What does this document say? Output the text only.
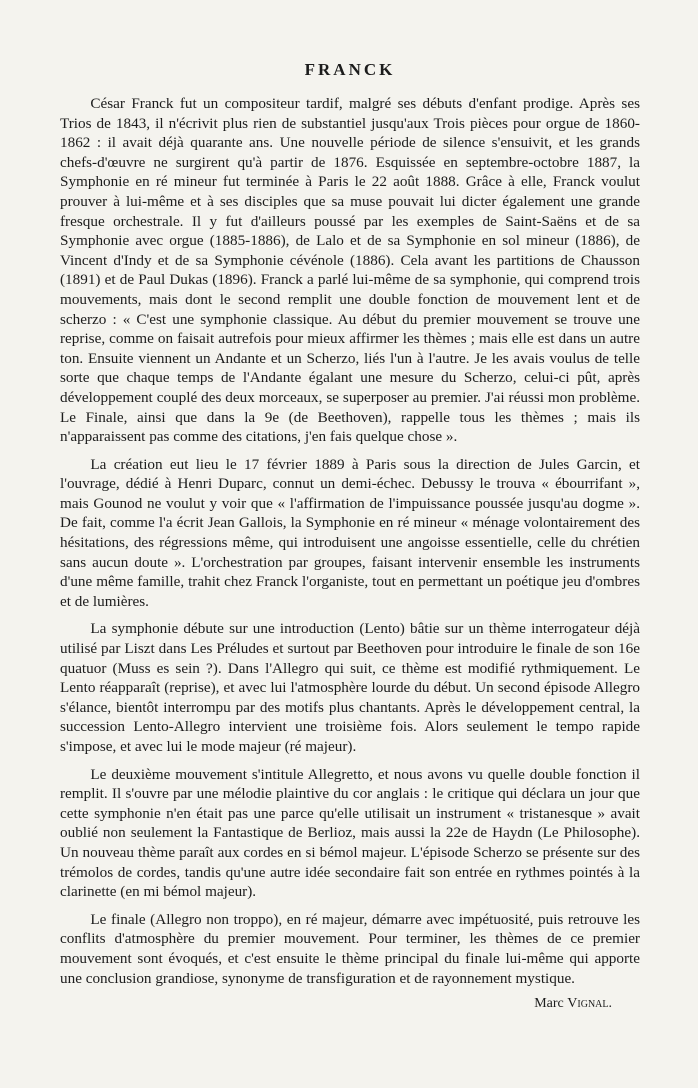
FRANCK

César Franck fut un compositeur tardif, malgré ses débuts d'enfant prodige. Après ses Trios de 1843, il n'écrivit plus rien de substantiel jusqu'aux Trois pièces pour orgue de 1860-1862 : il avait déjà quarante ans. Une nouvelle période de silence s'ensuivit, et les grands chefs-d'œuvre ne surgirent qu'à partir de 1876. Esquissée en septembre-octobre 1887, la Symphonie en ré mineur fut terminée à Paris le 22 août 1888. Grâce à elle, Franck voulut prouver à lui-même et à ses disciples que sa muse pouvait lui dicter également une grande fresque orchestrale. Il y fut d'ailleurs poussé par les exemples de Saint-Saëns et de sa Symphonie avec orgue (1885-1886), de Lalo et de sa Symphonie en sol mineur (1886), de Vincent d'Indy et de sa Symphonie cévénole (1886). Cela avant les partitions de Chausson (1891) et de Paul Dukas (1896). Franck a parlé lui-même de sa symphonie, qui comprend trois mouvements, mais dont le second remplit une double fonction de mouvement lent et de scherzo : « C'est une symphonie classique. Au début du premier mouvement se trouve une reprise, comme on faisait autrefois pour mieux affirmer les thèmes ; mais elle est dans un autre ton. Ensuite viennent un Andante et un Scherzo, liés l'un à l'autre. Je les avais voulus de telle sorte que chaque temps de l'Andante égalant une mesure du Scherzo, celui-ci pût, après développement couplé des deux morceaux, se superposer au premier. J'ai réussi mon problème. Le Finale, ainsi que dans la 9e (de Beethoven), rappelle tous les thèmes ; mais ils n'apparaissent pas comme des citations, j'en fais quelque chose ».

La création eut lieu le 17 février 1889 à Paris sous la direction de Jules Garcin, et l'ouvrage, dédié à Henri Duparc, connut un demi-échec. Debussy le trouva « ébourrifant », mais Gounod ne voulut y voir que « l'affirmation de l'impuissance poussée jusqu'au dogme ». De fait, comme l'a écrit Jean Gallois, la Symphonie en ré mineur « ménage volontairement des hésitations, des régressions même, qui introduisent une angoisse essentielle, celle du chrétien sans aucun doute ». L'orchestration par groupes, faisant intervenir ensemble les instruments d'une même famille, trahit chez Franck l'organiste, tout en permettant un poétique jeu d'ombres et de lumières.

La symphonie débute sur une introduction (Lento) bâtie sur un thème interrogateur déjà utilisé par Liszt dans Les Préludes et surtout par Beethoven pour introduire le finale de son 16e quatuor (Muss es sein ?). Dans l'Allegro qui suit, ce thème est modifié rythmiquement. Le Lento réapparaît (reprise), et avec lui l'atmosphère lourde du début. Un second épisode Allegro s'élance, bientôt interrompu par des motifs plus chantants. Après le développement central, la succession Lento-Allegro intervient une troisième fois. Alors seulement le tempo rapide s'impose, et avec lui le mode majeur (ré majeur).

Le deuxième mouvement s'intitule Allegretto, et nous avons vu quelle double fonction il remplit. Il s'ouvre par une mélodie plaintive du cor anglais : le critique qui déclara un jour que cette symphonie n'en était pas une parce qu'elle utilisait un instrument « tristanesque » avait oublié non seulement la Fantastique de Berlioz, mais aussi la 22e de Haydn (Le Philosophe). Un nouveau thème paraît aux cordes en si bémol majeur. L'épisode Scherzo se présente sur des trémolos de cordes, tandis qu'une autre idée secondaire fait son entrée en rythmes pointés à la clarinette (en mi bémol majeur).

Le finale (Allegro non troppo), en ré majeur, démarre avec impétuosité, puis retrouve les conflits d'atmosphère du premier mouvement. Pour terminer, les thèmes de ce premier mouvement sont évoqués, et c'est ensuite le thème principal du finale lui-même qui apporte une conclusion grandiose, synonyme de transfiguration et de rayonnement mystique.

Marc Vignal.
